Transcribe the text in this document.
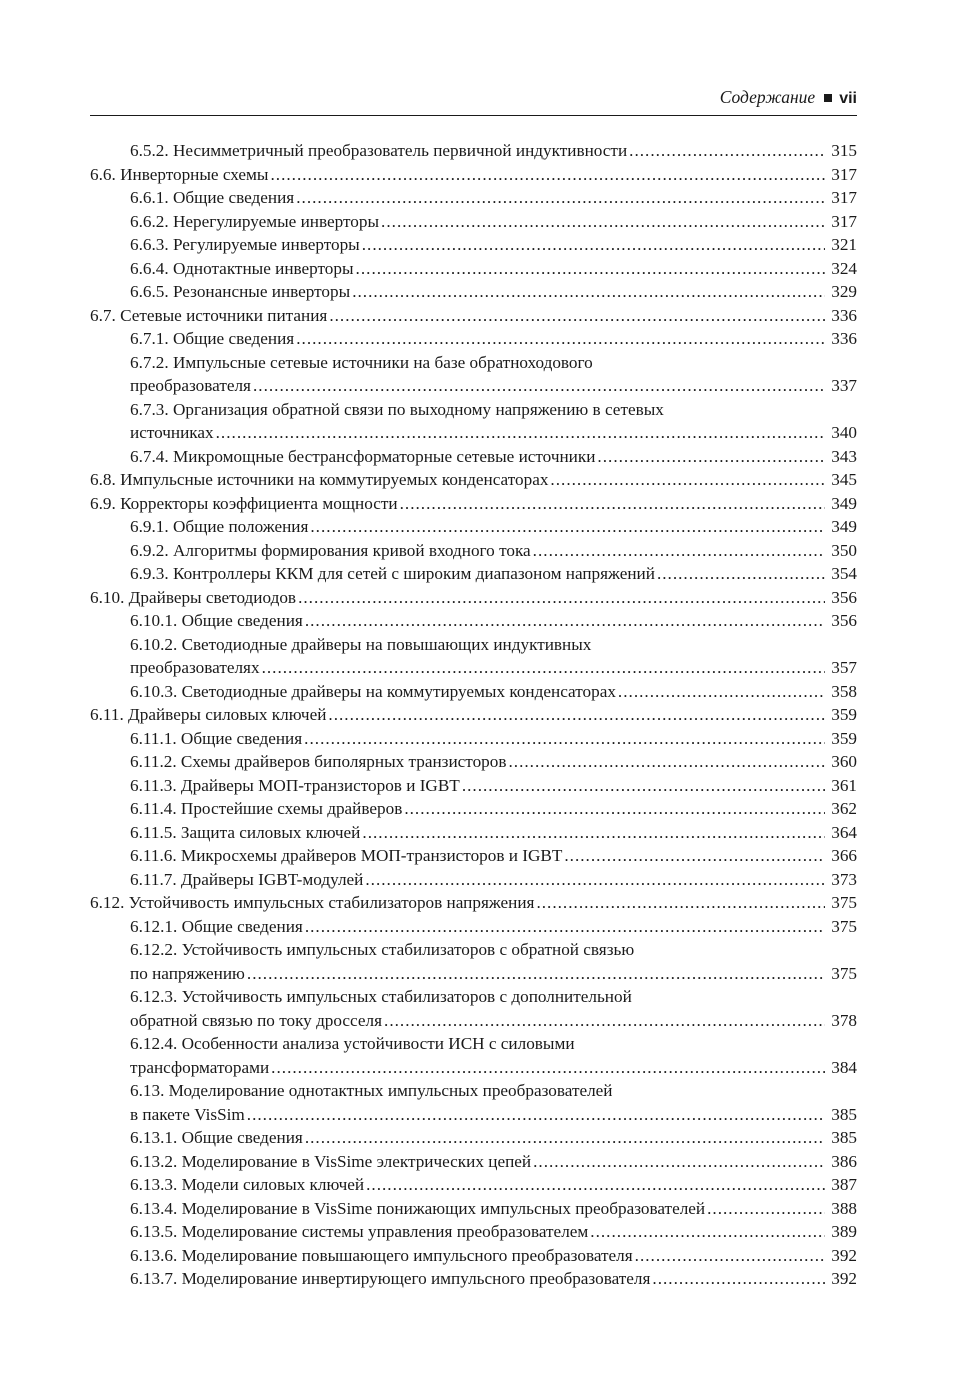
Содержание vii
6.5.2. Несимметричный преобразователь первичной индуктивности .....	315
6.6. Инверторные схемы .....	317
6.6.1. Общие сведения .....	317
6.6.2. Нерегулируемые инверторы .....	317
6.6.3. Регулируемые инверторы .....	321
6.6.4. Однотактные инверторы .....	324
6.6.5. Резонансные инверторы .....	329
6.7. Сетевые источники питания .....	336
6.7.1. Общие сведения .....	336
6.7.2. Импульсные сетевые источники на базе обратноходового
преобразователя .....	337
6.7.3. Организация обратной связи по выходному напряжению в сетевых
источниках .....	340
6.7.4. Микромощные бестрансформаторные сетевые источники .....	343
6.8. Импульсные источники на коммутируемых конденсаторах .....	345
6.9. Корректоры коэффициента мощности .....	349
6.9.1. Общие положения .....	349
6.9.2. Алгоритмы формирования кривой входного тока .....	350
6.9.3. Контроллеры ККМ для сетей с широким диапазоном напряжений .....	354
6.10. Драйверы светодиодов .....	356
6.10.1. Общие сведения .....	356
6.10.2. Светодиодные драйверы на повышающих индуктивных
преобразователях .....	357
6.10.3. Светодиодные драйверы на коммутируемых конденсаторах .....	358
6.11. Драйверы силовых ключей .....	359
6.11.1. Общие сведения .....	359
6.11.2. Схемы драйверов биполярных транзисторов .....	360
6.11.3. Драйверы МОП-транзисторов и IGBT .....	361
6.11.4. Простейшие схемы драйверов .....	362
6.11.5. Защита силовых ключей .....	364
6.11.6. Микросхемы драйверов МОП-транзисторов и IGBT .....	366
6.11.7. Драйверы IGBT-модулей .....	373
6.12. Устойчивость импульсных стабилизаторов напряжения .....	375
6.12.1. Общие сведения .....	375
6.12.2. Устойчивость импульсных стабилизаторов с обратной связью
по напряжению .....	375
6.12.3. Устойчивость импульсных стабилизаторов с дополнительной
обратной связью по току дросселя .....	378
6.12.4. Особенности анализа устойчивости ИСН с силовыми
трансформаторами .....	384
6.13. Моделирование однотактных импульсных преобразователей
в пакете VisSim .....	385
6.13.1. Общие сведения .....	385
6.13.2. Моделирование в VisSime электрических цепей .....	386
6.13.3. Модели силовых ключей .....	387
6.13.4. Моделирование в VisSime понижающих импульсных преобразователей .....	388
6.13.5. Моделирование системы управления преобразователем .....	389
6.13.6. Моделирование повышающего импульсного преобразователя .....	392
6.13.7. Моделирование инвертирующего импульсного преобразователя .....	392
